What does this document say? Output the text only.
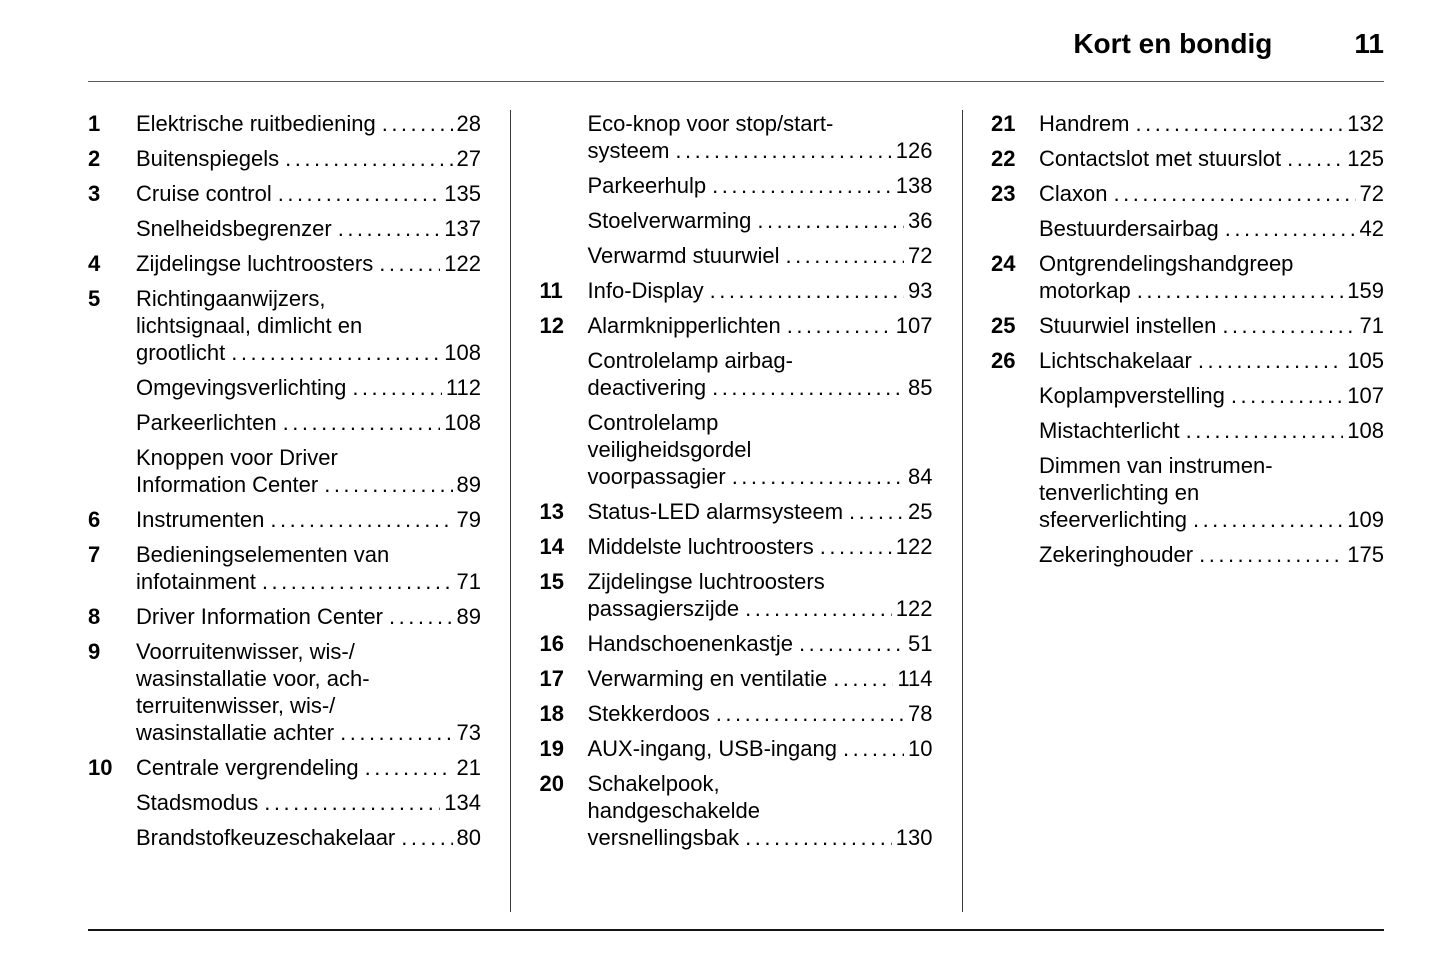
Kort en bondig	11
1	Elektrische ruitbediening .....	28
2	Buitenspiegels .....	27
3	Cruise control .....	135
Snelheidsbegrenzer .....	137
4	Zijdelingse luchtroosters .....	122
5	Richtingaanwijzers,
lichtsignaal, dimlicht en
grootlicht .....	108
Omgevingsverlichting .....	112
Parkeerlichten .....	108
Knoppen voor Driver
Information Center .....	89
6	Instrumenten .....	79
7	Bedieningselementen van
infotainment .....	71
8	Driver Information Center .....	89
9	Voorruitenwisser, wis-/
wasinstallatie voor, ach-
terruitenwisser, wis-/
wasinstallatie achter .....	73
10	Centrale vergrendeling .....	21
Stadsmodus .....	134
Brandstofkeuzeschakelaar .....	80
Eco-knop voor stop/start-
systeem .....	126
Parkeerhulp .....	138
Stoelverwarming .....	36
Verwarmd stuurwiel .....	72
11	Info-Display .....	93
12	Alarmknipperlichten .....	107
Controlelamp airbag-
deactivering .....	85
Controlelamp
veiligheidsgordel
voorpassagier .....	84
13	Status-LED alarmsysteem .....	25
14	Middelste luchtroosters .....	122
15	Zijdelingse luchtroosters
passagierszijde .....	122
16	Handschoenenkastje .....	51
17	Verwarming en ventilatie .....	114
18	Stekkerdoos .....	78
19	AUX-ingang, USB-ingang .....	10
20	Schakelpook,
handgeschakelde
versnellingsbak .....	130
21	Handrem .....	132
22	Contactslot met stuurslot .....	125
23	Claxon .....	72
Bestuurdersairbag .....	42
24	Ontgrendelingshandgreep
motorkap .....	159
25	Stuurwiel instellen .....	71
26	Lichtschakelaar .....	105
Koplampverstelling .....	107
Mistachterlicht .....	108
Dimmen van instrumen-
tenverlichting en
sfeerverlichting .....	109
Zekeringhouder .....	175
